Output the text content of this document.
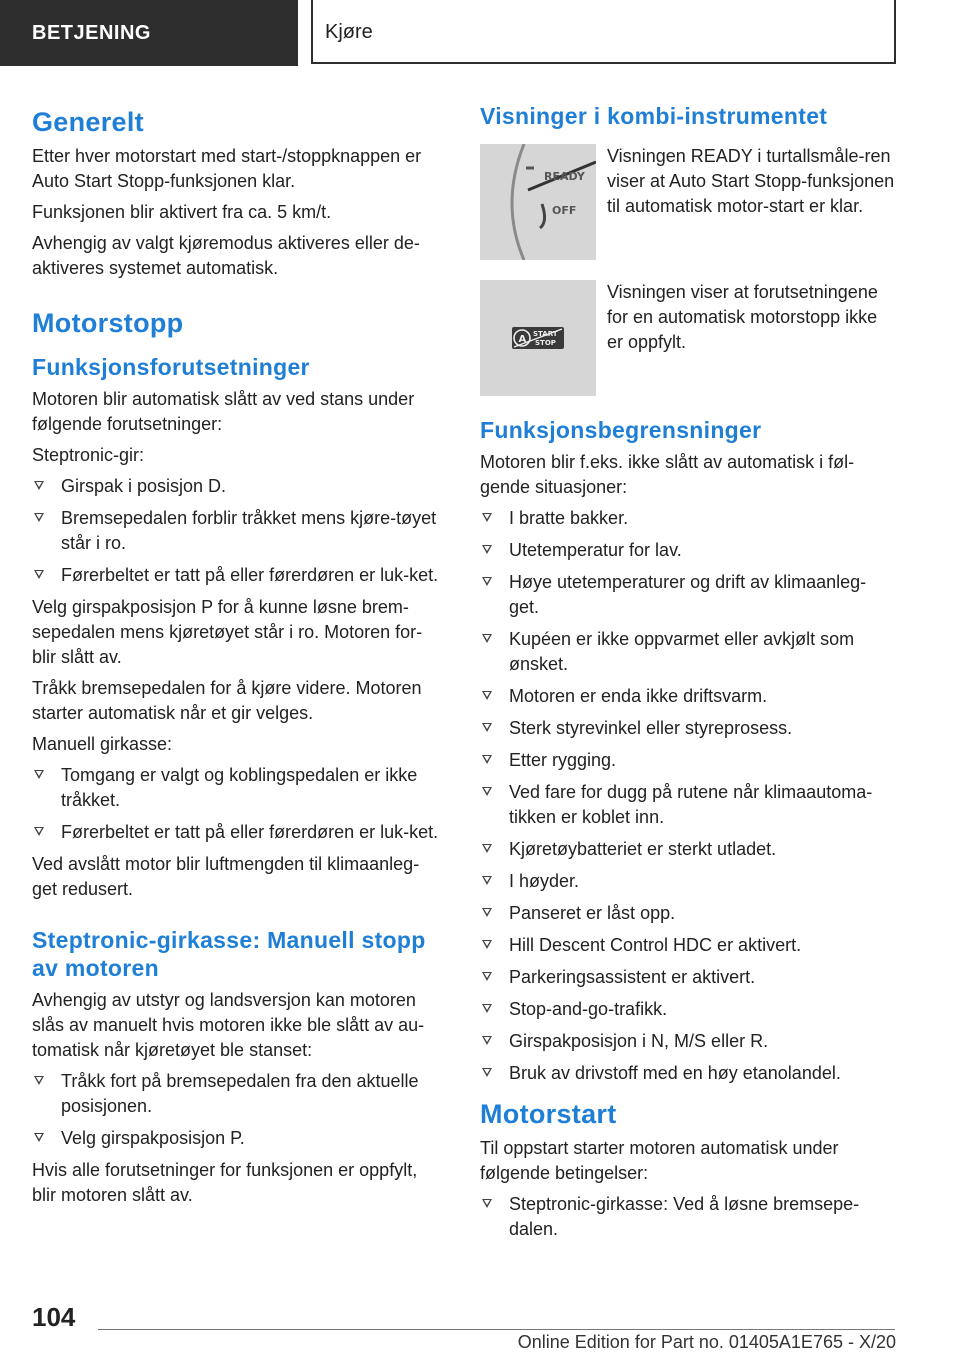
BETJENING	Kjøre
Generelt

Etter hver motorstart med start-/stoppknappen er Auto Start Stopp-funksjonen klar.

Funksjonen blir aktivert fra ca. 5 km/t.

Avhengig av valgt kjøremodus aktiveres eller de-aktiveres systemet automatisk.

Motorstopp
Funksjonsforutsetninger

Motoren blir automatisk slått av ved stans under følgende forutsetninger:

Steptronic-gir:

Girspak i posisjon D.
Bremsepedalen forblir tråkket mens kjøre-tøyet står i ro.
Førerbeltet er tatt på eller førerdøren er luk-ket.

Velg girspakposisjon P for å kunne løsne brem-sepedalen mens kjøretøyet står i ro. Motoren for-blir slått av.

Tråkk bremsepedalen for å kjøre videre. Motoren starter automatisk når et gir velges.

Manuell girkasse:

Tomgang er valgt og koblingspedalen er ikke tråkket.
Førerbeltet er tatt på eller førerdøren er luk-ket.

Ved avslått motor blir luftmengden til klimaanleg-get redusert.

Steptronic-girkasse: Manuell stopp av motoren

Avhengig av utstyr og landsversjon kan motoren slås av manuelt hvis motoren ikke ble slått av au-tomatisk når kjøretøyet ble stanset:

Tråkk fort på bremsepedalen fra den aktuelle posisjonen.
Velg girspakposisjon P.

Hvis alle forutsetninger for funksjonen er oppfylt, blir motoren slått av.

Visninger i kombi-instrumentet
READY
OFF

Visningen READY i turtallsmåle-ren viser at Auto Start Stopp-funksjonen til automatisk motor-start er klar.

A START
STOP

Visningen viser at forutsetningene for en automatisk motorstopp ikke er oppfylt.

Funksjonsbegrensninger

Motoren blir f.eks. ikke slått av automatisk i føl-gende situasjoner:

I bratte bakker.
Utetemperatur for lav.
Høye utetemperaturer og drift av klimaanleg-get.
Kupéen er ikke oppvarmet eller avkjølt som ønsket.
Motoren er enda ikke driftsvarm.
Sterk styrevinkel eller styreprosess.
Etter rygging.
Ved fare for dugg på rutene når klimaautoma-tikken er koblet inn.
Kjøretøybatteriet er sterkt utladet.
I høyder.
Panseret er låst opp.
Hill Descent Control HDC er aktivert.
Parkeringsassistent er aktivert.
Stop-and-go-trafikk.
Girspakposisjon i N, M/S eller R.
Bruk av drivstoff med en høy etanolandel.
Motorstart

Til oppstart starter motoren automatisk under følgende betingelser:

Steptronic-girkasse: Ved å løsne bremsepe-dalen.
104
Online Edition for Part no. 01405A1E765 - X/20
